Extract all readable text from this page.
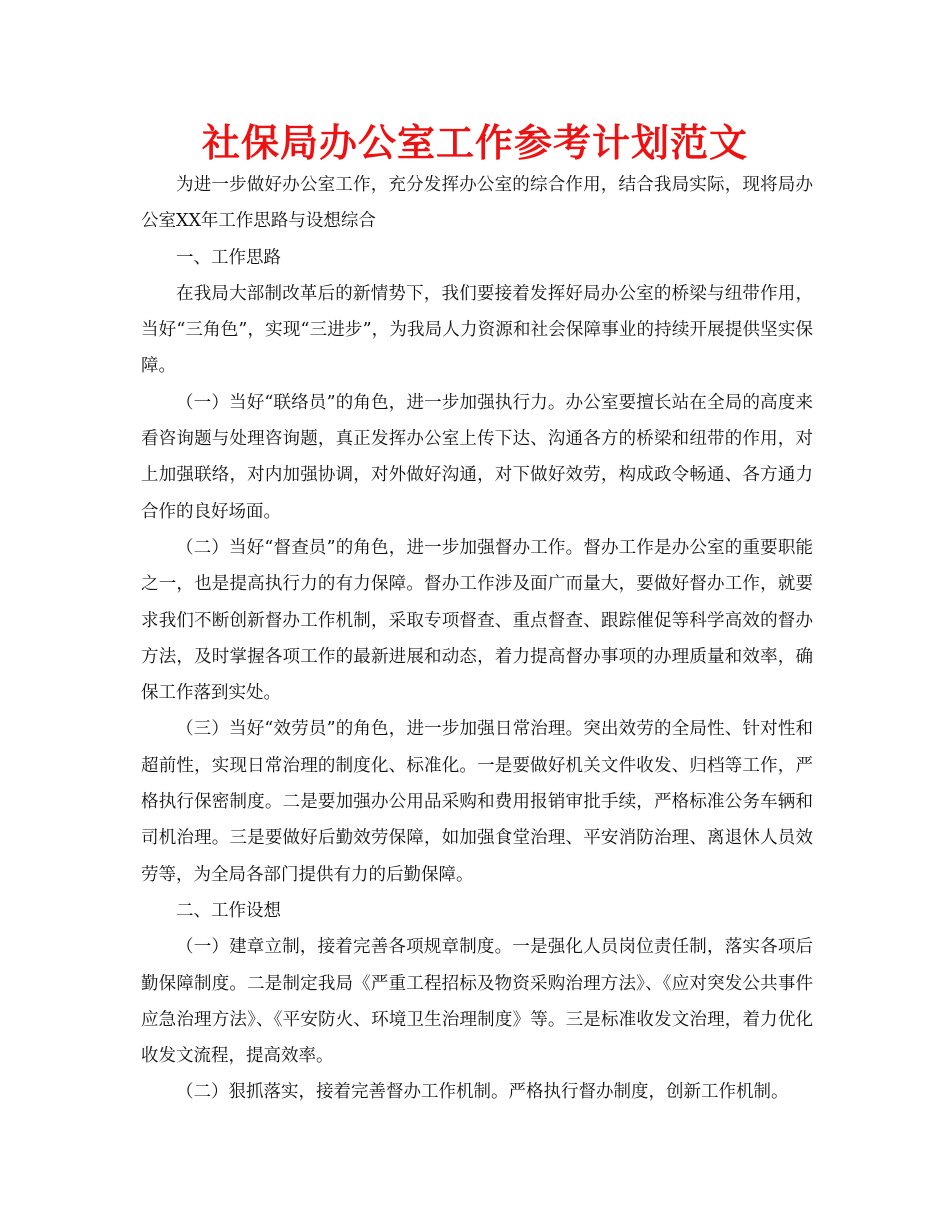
社保局办公室工作参考计划范文

为进一步做好办公室工作，充分发挥办公室的综合作用，结合我局实际，现将局办公室XX年工作思路与设想综合

一、工作思路

在我局大部制改革后的新情势下，我们要接着发挥好局办公室的桥梁与纽带作用，当好“三角色”，实现“三进步”，为我局人力资源和社会保障事业的持续开展提供坚实保障。

（一）当好“联络员”的角色，进一步加强执行力。办公室要擅长站在全局的高度来看咨询题与处理咨询题，真正发挥办公室上传下达、沟通各方的桥梁和纽带的作用，对上加强联络，对内加强协调，对外做好沟通，对下做好效劳，构成政令畅通、各方通力合作的良好场面。

（二）当好“督查员”的角色，进一步加强督办工作。督办工作是办公室的重要职能之一，也是提高执行力的有力保障。督办工作涉及面广而量大，要做好督办工作，就要求我们不断创新督办工作机制，采取专项督查、重点督查、跟踪催促等科学高效的督办方法，及时掌握各项工作的最新进展和动态，着力提高督办事项的办理质量和效率，确保工作落到实处。

（三）当好“效劳员”的角色，进一步加强日常治理。突出效劳的全局性、针对性和超前性，实现日常治理的制度化、标准化。一是要做好机关文件收发、归档等工作，严格执行保密制度。二是要加强办公用品采购和费用报销审批手续，严格标准公务车辆和司机治理。三是要做好后勤效劳保障，如加强食堂治理、平安消防治理、离退休人员效劳等，为全局各部门提供有力的后勤保障。

二、工作设想

（一）建章立制，接着完善各项规章制度。一是强化人员岗位责任制，落实各项后勤保障制度。二是制定我局《严重工程招标及物资采购治理方法》、《应对突发公共事件应急治理方法》、《平安防火、环境卫生治理制度》等。三是标准收发文治理，着力优化收发文流程，提高效率。

（二）狠抓落实，接着完善督办工作机制。严格执行督办制度，创新工作机制。
